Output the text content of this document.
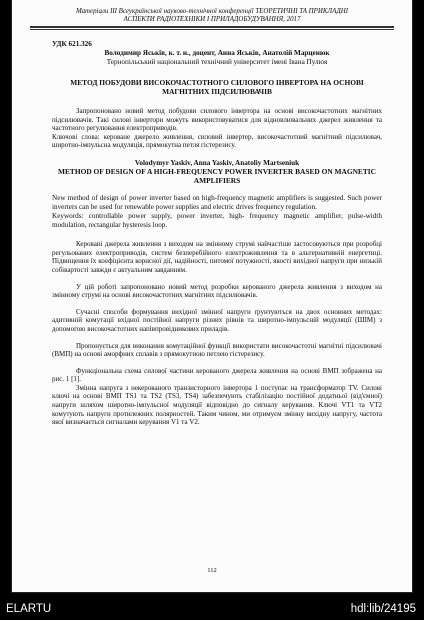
Матеріали ІІІ Всеукраїнської науково-технічної конференції ТЕОРЕТИЧНІ ТА ПРИКЛАДНІ
АСПЕКТИ РАДІОТЕХНІКИ І ПРИЛАДОБУДУВАННЯ, 2017
УДК 621.326
Володимир Яськів, к. т. н., доцент, Анна Яськів, Анатолій Марценюк
Тернопільський національний технічний університет імені Івана Пулюя
МЕТОД ПОБУДОВИ ВИСОКОЧАСТОТНОГО СИЛОВОГО ІНВЕРТОРА НА ОСНОВІ МАГНІТНИХ ПІДСИЛЮВАЧІВ

Запропоновано новий метод побудови силового інвертора на основі високочастотних магнітних підсилювачів. Такі силові інвертори можуть використовуватися для відновлювальних джерел живлення та частотного регулювання електроприводів.

Ключові слова: кероване джерело живлення, силовий інвертер, високочастотний магнітний підсилювач, широтно-імпульсна модуляція, прямокутна петля гістерезису.

Volodymyr Yaskiv, Anna Yaskiv, Anatoliy Martseniuk
METHOD OF DESIGN OF A HIGH-FREQUENCY POWER INVERTER BASED ON MAGNETIC AMPLIFIERS

New method of design of power inverter based on high-frequency magnetic amplifiers is suggested. Such power inverters can be used for renewable power supplies and electric drives frequency regulation.

Keywords: controllable power supply, power inverter, high- frequency magnetic amplifier, pulse-width modulation, rectangular hysteresis loop.

Керовані джерела живлення з виходом на змінному струмі найчастіше застосовуються при розробці регульованих електроприводів, систем безперебійного електроживлення та в альтернативній енергетиці. Підвищення їх коефіцієнта корисної дії, надійності, питомої потужності, якості вихідної напруги при низькій собівартості завжди є актуальним завданням.

У цій роботі запропоновано новий метод розробки керованого джерела живлення з виходом на змінному струмі на основі високочастотних магнітних підсилювачів.

Сучасні способи формування вихідної змінної напруги ґрунтуються на двох основних методах: адитивній комутації вхідної постійної напруги різних рівнів та широтно-імпульсній модуляції (ШІМ) з допомогою високочастотних напівпровідникових приладів.

Пропонується для виконання комутаційної функції використати високочастотні магнітні підсилювачі (ВМП) на основі аморфних сплавів з прямокутною петлею гістерезису.

Функціональна схема силової частини керованого джерела живлення на основі ВМП зображена на рис. 1 [1].

Змінна напруга з некерованого транзисторного інвертора 1 поступає на трансформатор TV. Силові ключі на основі ВМП TS1 та TS2 (TS3, TS4) забезпечують стабілізацію постійної додатньої (від'ємної) напруги шляхом широтно-імпульсної модуляції відповідно до сигналу керування. Ключі VT1 та VT2 комутують напруги протилежних полярностей. Таким чином, ми отримуєм змінну вихідну напругу, частота якої визначається сигналами керування V1 та V2.

112
ELARTU	hdl:lib/24195
